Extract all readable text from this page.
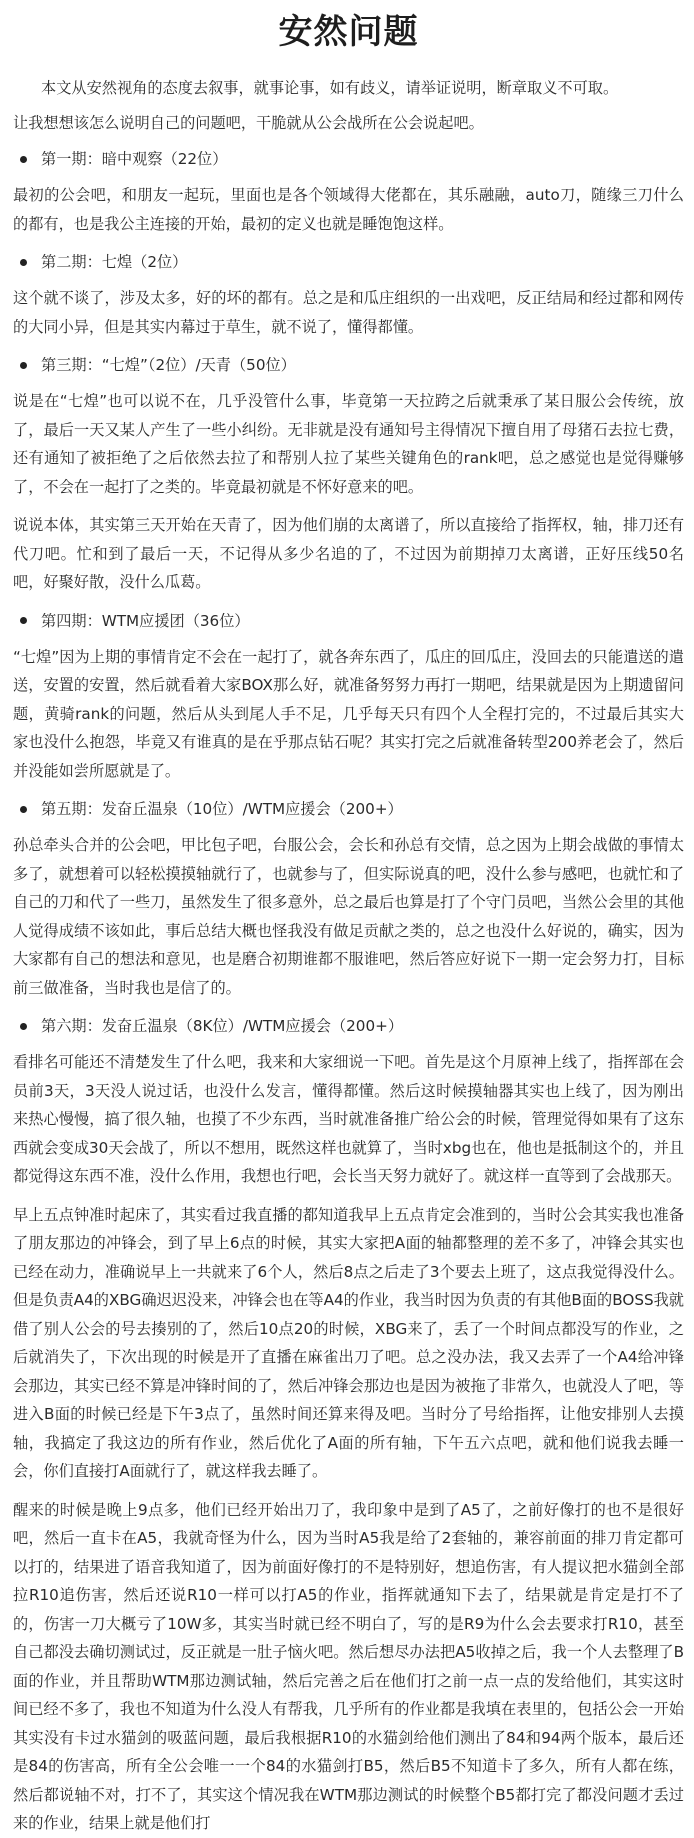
安然问题

本文从安然视角的态度去叙事，就事论事，如有歧义，请举证说明，断章取义不可取。

让我想想该怎么说明自己的问题吧，干脆就从公会战所在公会说起吧。

第一期：暗中观察（22位）

最初的公会吧，和朋友一起玩，里面也是各个领域得大佬都在，其乐融融，auto刀，随缘三刀什么的都有，也是我公主连接的开始，最初的定义也就是睡饱饱这样。

第二期：七煌（2位）

这个就不谈了，涉及太多，好的坏的都有。总之是和瓜庄组织的一出戏吧，反正结局和经过都和网传的大同小异，但是其实内幕过于草生，就不说了，懂得都懂。

第三期：“七煌”（2位）/天青（50位）

说是在“七煌”也可以说不在，几乎没管什么事，毕竟第一天拉跨之后就秉承了某日服公会传统，放了，最后一天又某人产生了一些小纠纷。无非就是没有通知号主得情况下擅自用了母猪石去拉七费，还有通知了被拒绝了之后依然去拉了和帮别人拉了某些关键角色的rank吧，总之感觉也是觉得赚够了，不会在一起打了之类的。毕竟最初就是不怀好意来的吧。

说说本体，其实第三天开始在天青了，因为他们崩的太离谱了，所以直接给了指挥权，轴，排刀还有代刀吧。忙和到了最后一天，不记得从多少名追的了，不过因为前期掉刀太离谱，正好压线50名吧，好聚好散，没什么瓜葛。

第四期：WTM应援团（36位）

“七煌”因为上期的事情肯定不会在一起打了，就各奔东西了，瓜庄的回瓜庄，没回去的只能遣送的遣送，安置的安置，然后就看着大家BOX那么好，就准备努努力再打一期吧，结果就是因为上期遗留问题，黄骑rank的问题，然后从头到尾人手不足，几乎每天只有四个人全程打完的，不过最后其实大家也没什么抱怨，毕竟又有谁真的是在乎那点钻石呢？其实打完之后就准备转型200养老会了，然后并没能如尝所愿就是了。

第五期：发奋丘温泉（10位）/WTM应援会（200+）

孙总牵头合并的公会吧，甲比包子吧，台服公会，会长和孙总有交情，总之因为上期会战做的事情太多了，就想着可以轻松摸摸轴就行了，也就参与了，但实际说真的吧，没什么参与感吧，也就忙和了自己的刀和代了一些刀，虽然发生了很多意外，总之最后也算是打了个守门员吧，当然公会里的其他人觉得成绩不该如此，事后总结大概也怪我没有做足贡献之类的，总之也没什么好说的，确实，因为大家都有自己的想法和意见，也是磨合初期谁都不服谁吧，然后答应好说下一期一定会努力打，目标前三做准备，当时我也是信了的。

第六期：发奋丘温泉（8K位）/WTM应援会（200+）

看排名可能还不清楚发生了什么吧，我来和大家细说一下吧。首先是这个月原神上线了，指挥部在会员前3天，3天没人说过话，也没什么发言，懂得都懂。然后这时候摸轴器其实也上线了，因为刚出来热心慢慢，搞了很久轴，也摸了不少东西，当时就准备推广给公会的时候，管理觉得如果有了这东西就会变成30天会战了，所以不想用，既然这样也就算了，当时xbg也在，他也是抵制这个的，并且都觉得这东西不准，没什么作用，我想也行吧，会长当天努力就好了。就这样一直等到了会战那天。

早上五点钟准时起床了，其实看过我直播的都知道我早上五点肯定会准到的，当时公会其实我也准备了朋友那边的冲锋会，到了早上6点的时候，其实大家把A面的轴都整理的差不多了，冲锋会其实也已经在动力，准确说早上一共就来了6个人，然后8点之后走了3个要去上班了，这点我觉得没什么。但是负责A4的XBG确迟迟没来，冲锋会也在等A4的作业，我当时因为负责的有其他B面的BOSS我就借了别人公会的号去揍别的了，然后10点20的时候，XBG来了，丢了一个时间点都没写的作业，之后就消失了，下次出现的时候是开了直播在麻雀出刀了吧。总之没办法，我又去弄了一个A4给冲锋会那边，其实已经不算是冲锋时间的了，然后冲锋会那边也是因为被拖了非常久，也就没人了吧，等进入B面的时候已经是下午3点了，虽然时间还算来得及吧。当时分了号给指挥，让他安排别人去摸轴，我搞定了我这边的所有作业，然后优化了A面的所有轴，下午五六点吧，就和他们说我去睡一会，你们直接打A面就行了，就这样我去睡了。

醒来的时候是晚上9点多，他们已经开始出刀了，我印象中是到了A5了，之前好像打的也不是很好吧，然后一直卡在A5，我就奇怪为什么，因为当时A5我是给了2套轴的，兼容前面的排刀肯定都可以打的，结果进了语音我知道了，因为前面好像打的不是特别好，想追伤害，有人提议把水猫剑全部拉R10追伤害，然后还说R10一样可以打A5的作业，指挥就通知下去了，结果就是肯定是打不了的，伤害一刀大概亏了10W多，其实当时就已经不明白了，写的是R9为什么会去要求打R10，甚至自己都没去确切测试过，反正就是一肚子恼火吧。然后想尽办法把A5收掉之后，我一个人去整理了B面的作业，并且帮助WTM那边测试轴，然后完善之后在他们打之前一点一点的发给他们，其实这时间已经不多了，我也不知道为什么没人有帮我，几乎所有的作业都是我填在表里的，包括公会一开始其实没有卡过水猫剑的吸蓝问题，最后我根据R10的水猫剑给他们测出了84和94两个版本，最后还是84的伤害高，所有全公会唯一一个84的水猫剑打B5，然后B5不知道卡了多久，所有人都在练，然后都说轴不对，打不了，其实这个情况我在WTM那边测试的时候整个B5都打完了都没问题才丢过来的作业，结果上就是他们打
